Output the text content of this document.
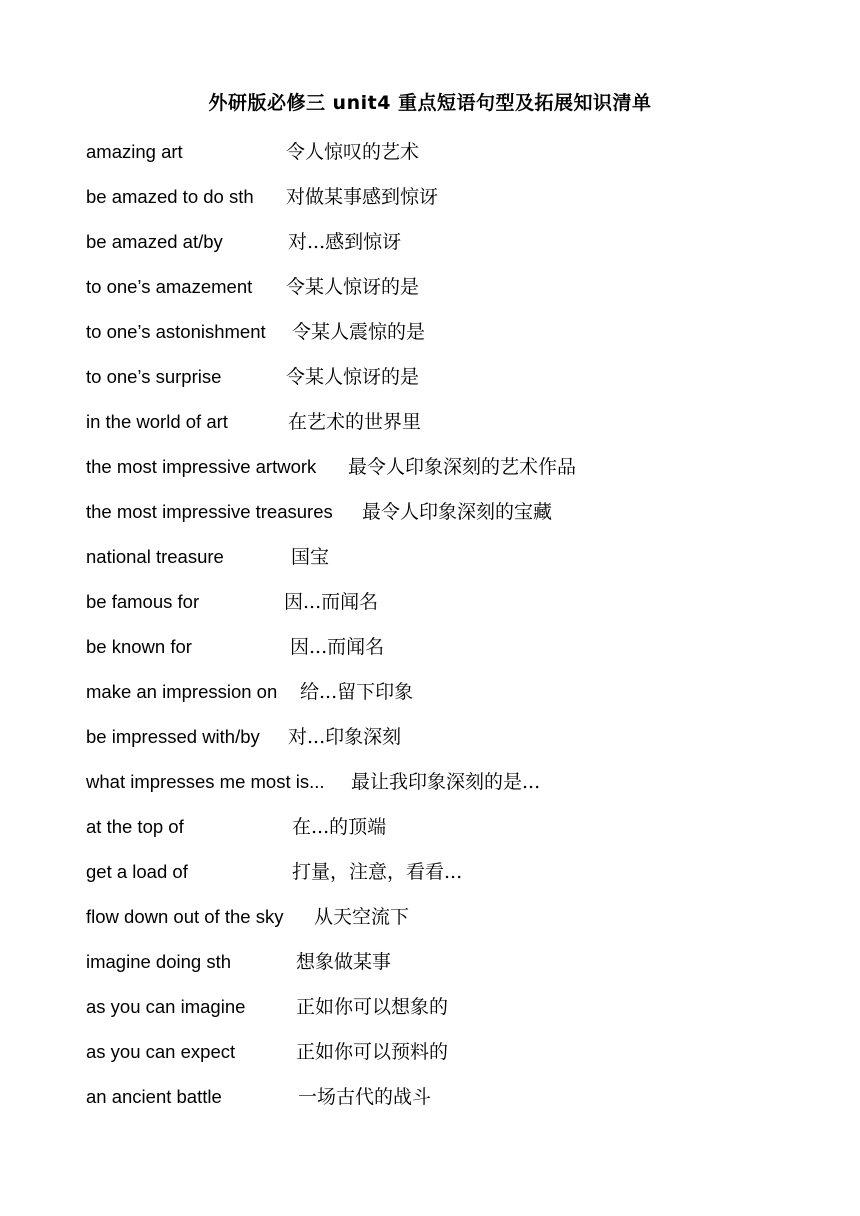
外研版必修三 unit4 重点短语句型及拓展知识清单
amazing art	令人惊叹的艺术
be amazed to do sth 对做某事感到惊讶
be amazed at/by	对...感到惊讶
to one’s amazement 令某人惊讶的是
to one’s astonishment 令某人震惊的是
to one’s surprise	令某人惊讶的是
in the world of art	在艺术的世界里
the most impressive artwork 最令人印象深刻的艺术作品
the most impressive treasures 最令人印象深刻的宝藏
national treasure	国宝
be famous for	因...而闻名
be known for	因...而闻名
make an impression on 给...留下印象
be impressed with/by 对...印象深刻
what impresses me most is... 最让我印象深刻的是...
at the top of	在...的顶端
get a load of	打量，注意，看看...
flow down out of the sky 从天空流下
imagine doing sth	想象做某事
as you can imagine	正如你可以想象的
as you can expect	正如你可以预料的
an ancient battle	一场古代的战斗
